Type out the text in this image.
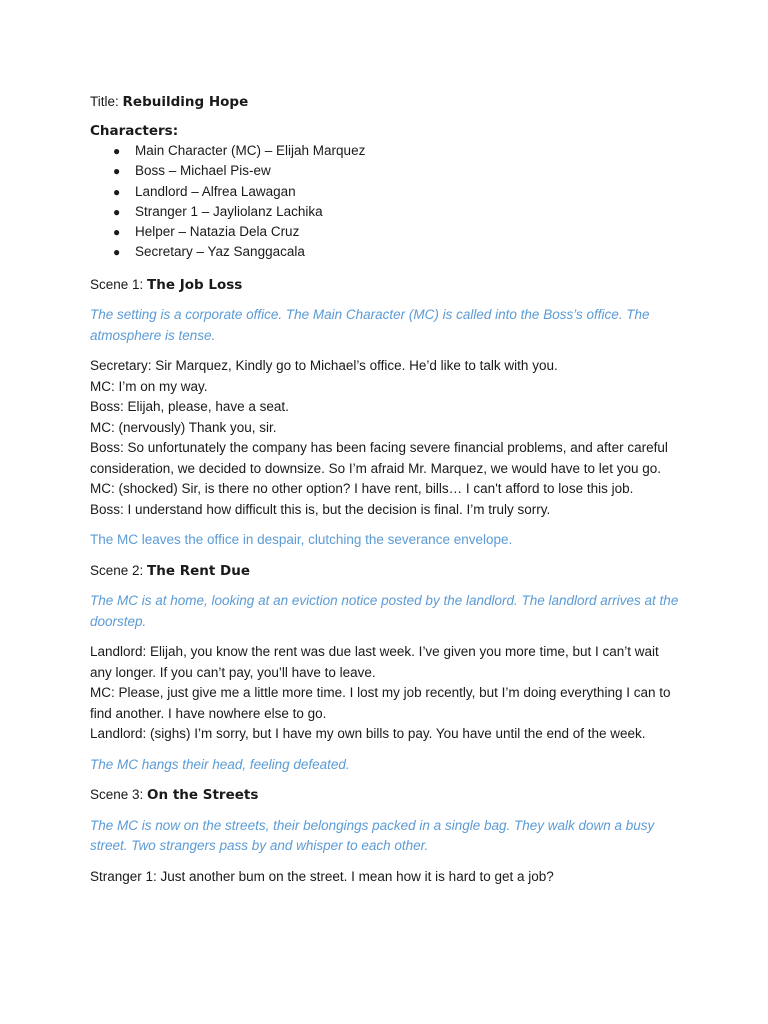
Title: Rebuilding Hope

Characters:
● Main Character (MC) – Elijah Marquez
● Boss – Michael Pis-ew
● Landlord – Alfrea Lawagan
● Stranger 1 – Jayliolanz Lachika
● Helper – Natazia Dela Cruz
● Secretary – Yaz Sanggacala

Scene 1: The Job Loss

The setting is a corporate office. The Main Character (MC) is called into the Boss’s office. The atmosphere is tense.

Secretary: Sir Marquez, Kindly go to Michael’s office. He’d like to talk with you.
MC: I’m on my way.
Boss: Elijah, please, have a seat.
MC: (nervously) Thank you, sir.
Boss: So unfortunately the company has been facing severe financial problems, and after careful consideration, we decided to downsize. So I’m afraid Mr. Marquez, we would have to let you go.
MC: (shocked) Sir, is there no other option? I have rent, bills… I can't afford to lose this job.
Boss: I understand how difficult this is, but the decision is final. I’m truly sorry.

The MC leaves the office in despair, clutching the severance envelope.

Scene 2: The Rent Due

The MC is at home, looking at an eviction notice posted by the landlord. The landlord arrives at the doorstep.

Landlord: Elijah, you know the rent was due last week. I’ve given you more time, but I can’t wait any longer. If you can’t pay, you’ll have to leave.
MC: Please, just give me a little more time. I lost my job recently, but I’m doing everything I can to find another. I have nowhere else to go.
Landlord: (sighs) I’m sorry, but I have my own bills to pay. You have until the end of the week.

The MC hangs their head, feeling defeated.

Scene 3: On the Streets

The MC is now on the streets, their belongings packed in a single bag. They walk down a busy street. Two strangers pass by and whisper to each other.

Stranger 1: Just another bum on the street. I mean how it is hard to get a job?
